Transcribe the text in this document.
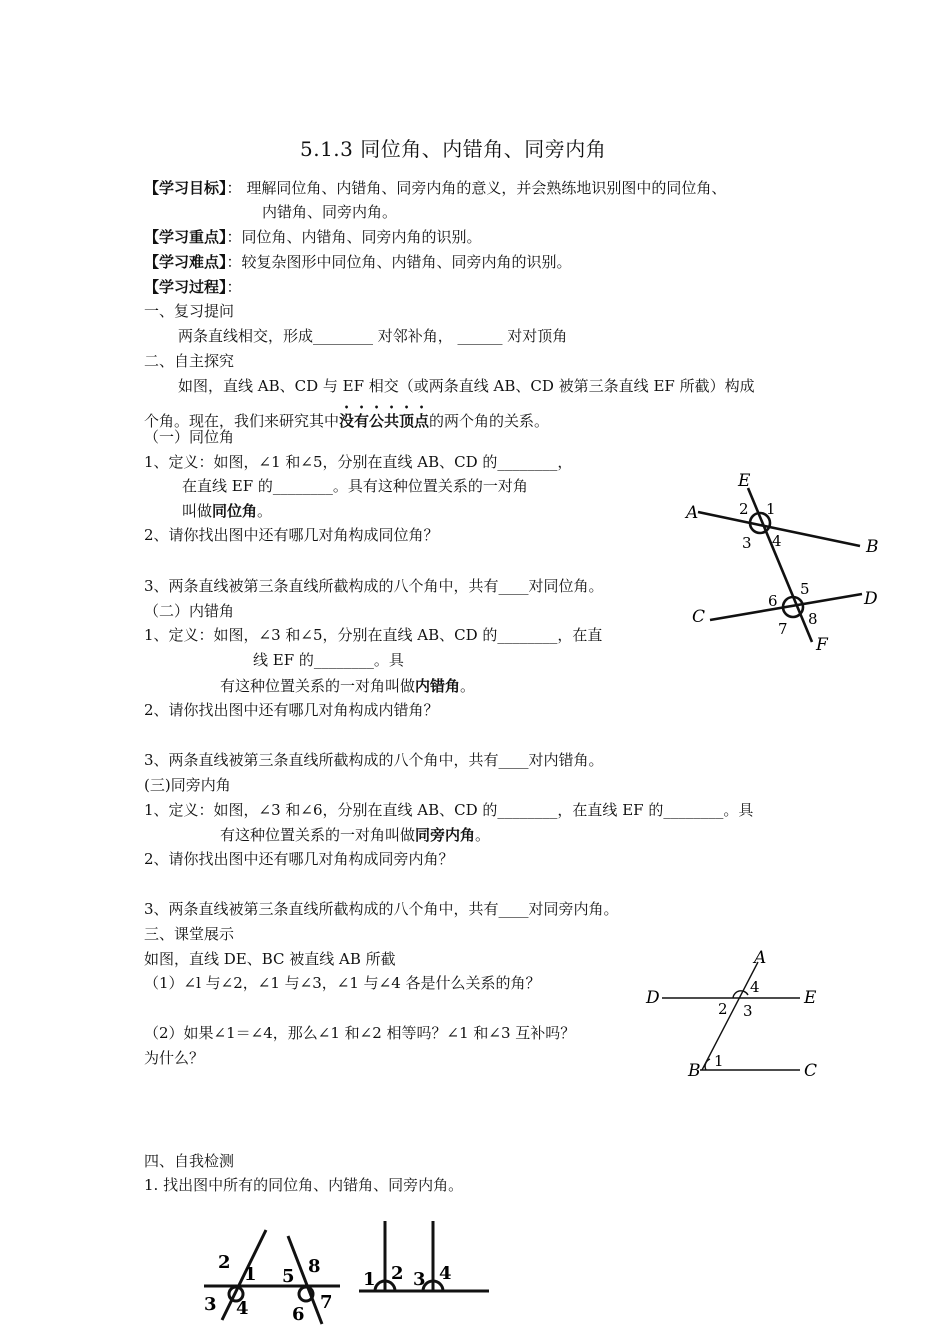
5.1.3 同位角、内错角、同旁内角
【学习目标】： 理解同位角、内错角、同旁内角的意义，并会熟练地识别图中的同位角、
内错角、同旁内角。
【学习重点】：同位角、内错角、同旁内角的识别。
【学习难点】：较复杂图形中同位角、内错角、同旁内角的识别。
【学习过程】：
一、复习提问
两条直线相交，形成________ 对邻补角， ______ 对对顶角
二、自主探究
如图，直线 AB、CD 与 EF 相交（或两条直线 AB、CD 被第三条直线 EF 所截）构成
个角。现在，我们来研究其中没有公共顶点的两个角的关系。
（一）同位角
1、定义：如图，∠1 和∠5，分别在直线 AB、CD 的________，
在直线 EF 的________。具有这种位置关系的一对角
叫做同位角。
2、请你找出图中还有哪几对角构成同位角？
3、两条直线被第三条直线所截构成的八个角中，共有____对同位角。
（二）内错角
1、定义：如图，∠3 和∠5，分别在直线 AB、CD 的________，在直
线 EF 的________。具
有这种位置关系的一对角叫做内错角。
2、请你找出图中还有哪几对角构成内错角？
3、两条直线被第三条直线所截构成的八个角中，共有____对内错角。
(三)同旁内角
1、定义：如图，∠3 和∠6，分别在直线 AB、CD 的________，在直线 EF 的________。具
有这种位置关系的一对角叫做同旁内角。
2、请你找出图中还有哪几对角构成同旁内角？
3、两条直线被第三条直线所截构成的八个角中，共有____对同旁内角。
三、课堂展示
如图，直线 DE、BC 被直线 AB 所截
（1）∠l 与∠2，∠1 与∠3，∠1 与∠4 各是什么关系的角？
（2）如果∠1＝∠4，那么∠1 和∠2 相等吗？∠1 和∠3 互补吗？
为什么？
四、自我检测
1. 找出图中所有的同位角、内错角、同旁内角。
E
A
B
C
D
F
1
2
3 4
5
6
7
8
A
D	E
B	C
1
2 3
4
2
1
3 4
5
6
7
8
1 2 3 4
